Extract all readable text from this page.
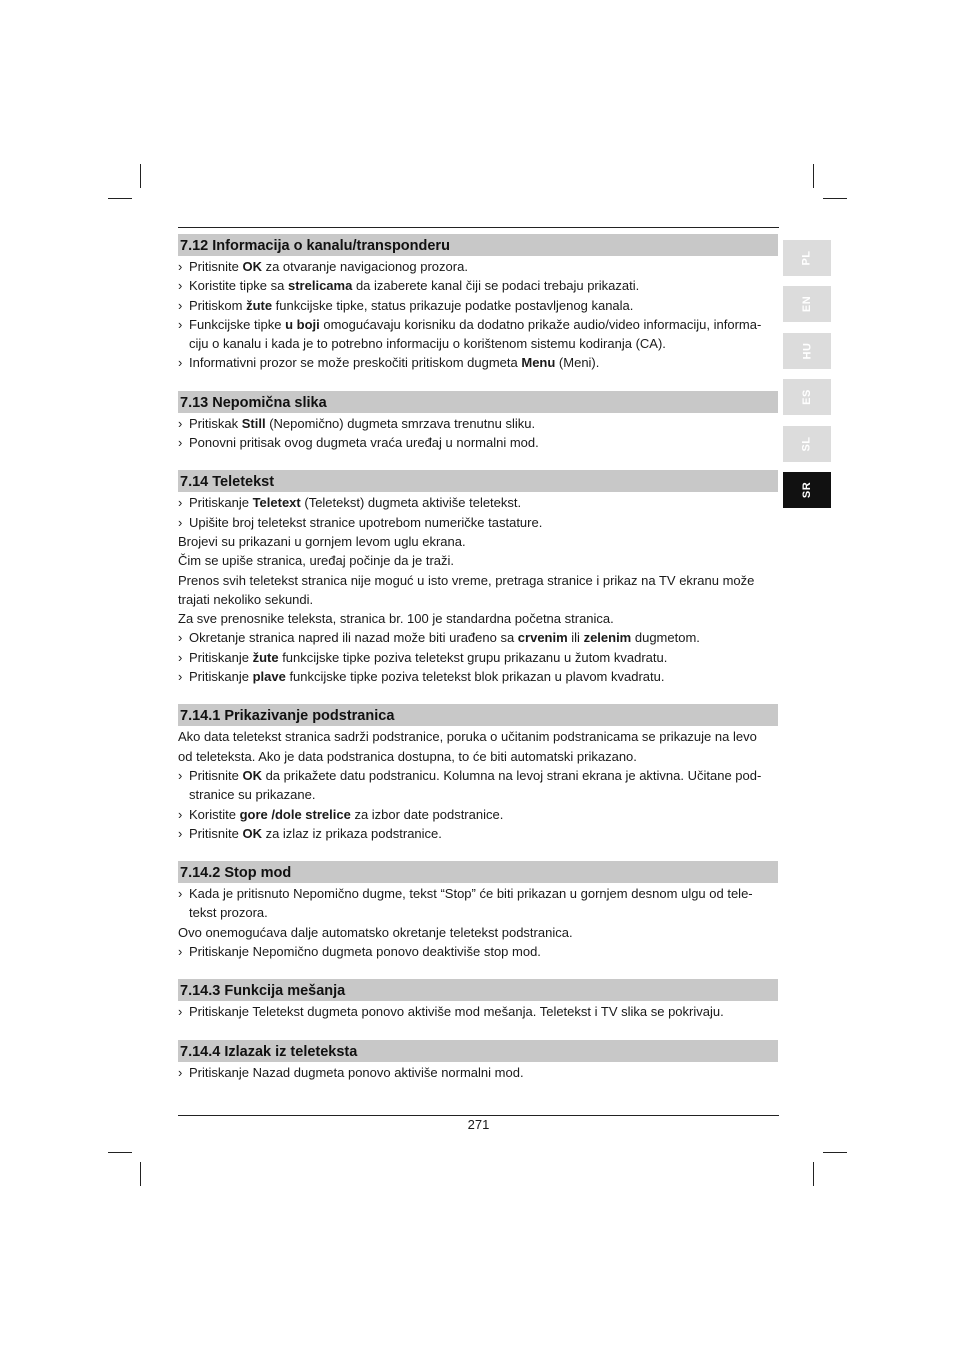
7.12 Informacija o kanalu/transponderu
› Pritisnite OK za otvaranje navigacionog prozora.
› Koristite tipke sa strelicama da izaberete kanal čiji se podaci trebaju prikazati.
› Pritiskom žute funkcijske tipke, status prikazuje podatke postavljenog kanala.
› Funkcijske tipke u boji omogućavaju korisniku da dodatno prikaže audio/video informaciju, informa-
ciju o kanalu i kada je to potrebno informaciju o korištenom sistemu kodiranja (CA).
› Informativni prozor se može preskočiti pritiskom dugmeta Menu (Meni).
7.13 Nepomična slika
› Pritiskak Still (Nepomično) dugmeta smrzava trenutnu sliku.
› Ponovni pritisak ovog dugmeta vraća uređaj u normalni mod.
7.14 Teletekst
› Pritiskanje Teletext (Teletekst) dugmeta aktiviše teletekst.
› Upišite broj teletekst stranice upotrebom numeričke tastature.
Brojevi su prikazani u gornjem levom uglu ekrana.
Čim se upiše stranica, uređaj počinje da je traži.
Prenos svih teletekst stranica nije moguć u isto vreme, pretraga stranice i prikaz na TV ekranu može
trajati nekoliko sekundi.
Za sve prenosnike teleksta, stranica br. 100 je standardna početna stranica.
› Okretanje stranica napred ili nazad može biti urađeno sa crvenim ili zelenim dugmetom.
› Pritiskanje žute funkcijske tipke poziva teletekst grupu prikazanu u žutom kvadratu.
› Pritiskanje plave funkcijske tipke poziva teletekst blok prikazan u plavom kvadratu.
7.14.1 Prikazivanje podstranica
Ako data teletekst stranica sadrži podstranice, poruka o učitanim podstranicama se prikazuje na levo
od teleteksta. Ako je data podstranica dostupna, to će biti automatski prikazano.
› Pritisnite OK da prikažete datu podstranicu. Kolumna na levoj strani ekrana je aktivna. Učitane pod-
stranice su prikazane.
› Koristite gore /dole strelice za izbor date podstranice.
› Pritisnite OK za izlaz iz prikaza podstranice.
7.14.2 Stop mod
› Kada je pritisnuto Nepomično dugme, tekst “Stop” će biti prikazan u gornjem desnom ulgu od tele-
tekst prozora.
Ovo onemogućava dalje automatsko okretanje teletekst podstranica.
› Pritiskanje Nepomično dugmeta ponovo deaktiviše stop mod.
7.14.3 Funkcija mešanja
› Pritiskanje Teletekst dugmeta ponovo aktiviše mod mešanja. Teletekst i TV slika se pokrivaju.
7.14.4 Izlazak iz teleteksta
› Pritiskanje Nazad dugmeta ponovo aktiviše normalni mod.
PL
EN
HU
ES
SL
SR
271
